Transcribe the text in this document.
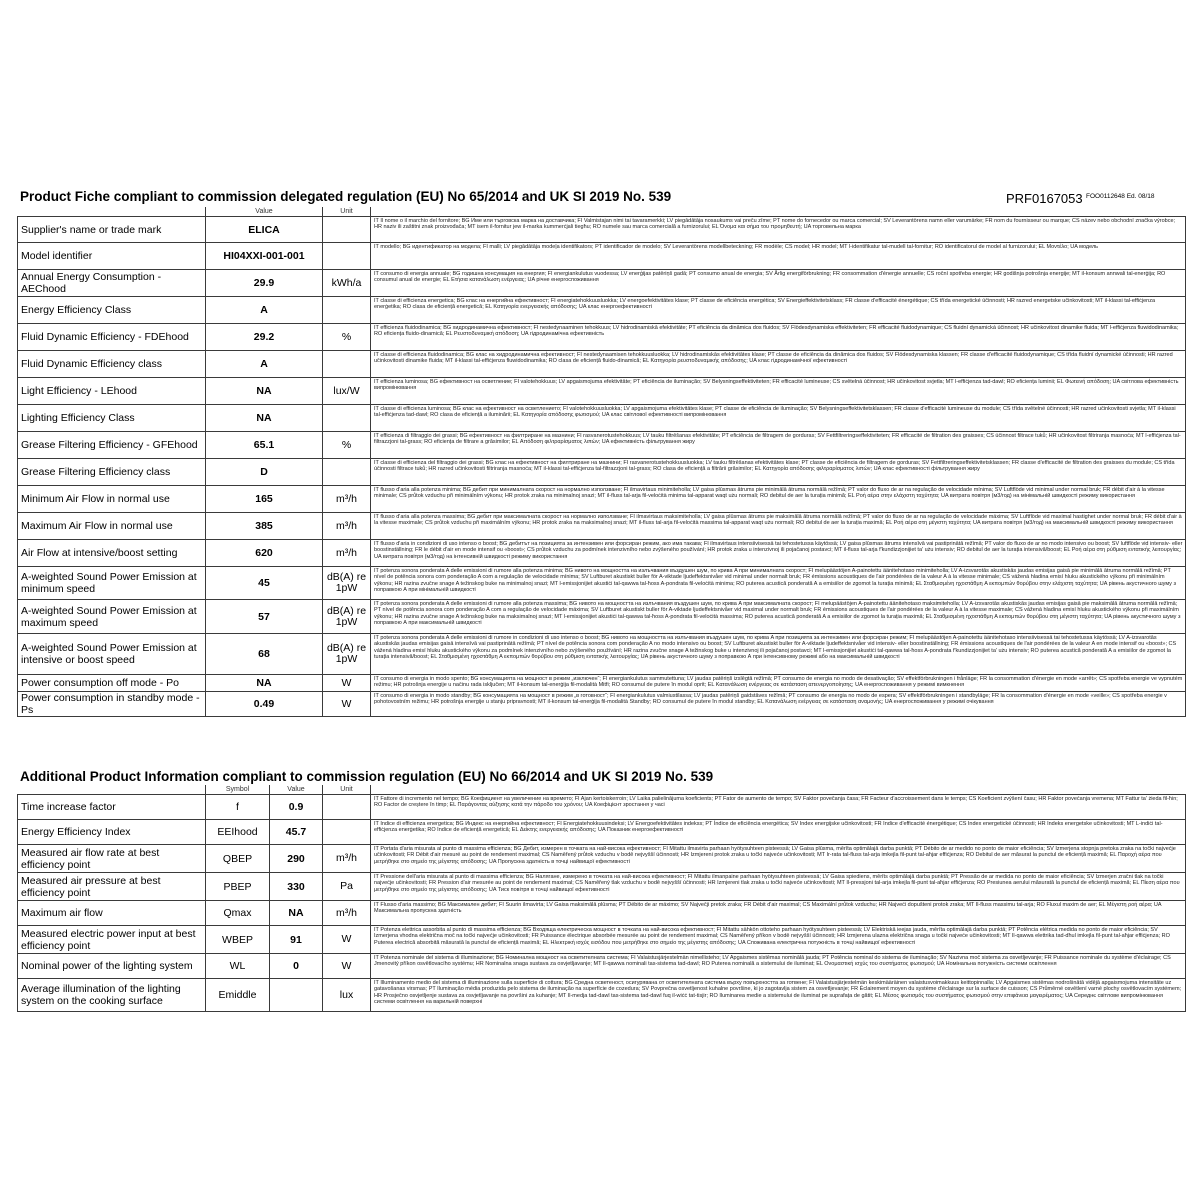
Product Fiche compliant to commission delegated regulation (EU) No 65/2014 and UK SI 2019 No. 539	PRF0167053 FOO0112648 Ed. 08/18
	Value	Unit	
Supplier's name or trade mark	ELICA		IT Il nome o il marchio del fornitore; BG Име или търговска марка на доставчика; FI Valmistajan nimi tai tavaramerkki; LV piegādātāja nosaukums vai preču zīme; PT nome do fornecedor ou marca comercial; SV Leverantörens namn eller varumärke; FR nom du fournisseur ou marque; CS název nebo obchodní značka výrobce; HR naziv ili zaštitni znak proizvođača; MT isem il-fornitur jew il-marka kummerċjali tiegħu; RO numele sau marca comercială a furnizorului; EL Όνομα και σήμα του προμηθευτή; UA торговельна марка
Model identifier	HI04XXI-001-001		IT modello; BG идентификатор на модела; FI malli; LV piegādātāja modeļa identifikators; PT identificador de modelo; SV Leverantörens modellbeteckning; FR modèle; CS model; HR model; MT l-identifikatur tal-mudell tal-fornitur; RO identificatorul de model al furnizorului; EL Μοντέλο; UA модель
Annual Energy Consumption - AEChood	29.9	kWh/a	IT consumo di energia annuale; BG годишна консумация на енергия; FI energiankulutus vuodessa; LV enerģijas patēriņš gadā; PT consumo anual de energia; SV Årlig energiförbrukning; FR consommation d'énergie annuelle; CS roční spotřeba energie; HR godišnja potrošnja energije; MT il-konsum annwali tal-enerġija; RO consumul anual de energie; EL Ετήσια κατανάλωση ενέργειας; UA річне енергоспоживання
Energy Efficiency Class	A		IT classe di efficienza energetica; BG клас на енергийна ефективност; FI energiatehokkuusluokka; LV energoefektivitātes klase; PT classe de eficiência energética; SV Energieffektivitetsklass; FR classe d'efficacité énergétique; CS třída energetické účinnosti; HR razred energetske učinkovitosti; MT il-klassi tal-effiċjenza enerġetika; RO clasa de eficiență energetică; EL Κατηγορία ενεργειακής απόδοσης; UA клас енергоефективності
Fluid Dynamic Efficiency - FDEhood	29.2	%	IT efficienza fluidodinamica; BG хидродинамична ефективност; FI nestedynaaminen tehokkuus; LV hidrodinamiskā efektivitāte; PT eficiência da dinâmica dos fluidos; SV Flödesdynamiska effektiviteten; FR efficacité fluidodynamique; CS fluidní dynamická účinnost; HR učinkovitost dinamike fluida; MT l-effiċjenza fluwidodinamika; RO eficiența fluido-dinamică; EL Ρευστοδυναμική απόδοση; UA гідродинамічна ефективність
Fluid Dynamic Efficiency class	A		IT classe di efficienza fluidodinamica; BG клас на хидродинамична ефективност; FI nestedynaamisen tehokkuusluokka; LV hidrodinamiskās efektivitātes klase; PT classe de eficiência da dinâmica dos fluidos; SV Flödesdynamiska klassen; FR classe d'efficacité fluidodynamique; CS třída fluidní dynamické účinnosti; HR razred učinkovitosti dinamike fluida; MT il-klassi tal-effiċjenza fluwidodinamika; RO clasa de eficiență fluido-dinamică; EL Κατηγορία ρευστοδυναμικής απόδοσης; UA клас гідродинамічної ефективності
Light Efficiency - LEhood	NA	lux/W	IT efficienza luminosa; BG ефективност на осветление; FI valotehokkuus; LV apgaismojuma efektivitāte; PT eficiência de iluminação; SV Belysningseffektiviteten; FR efficacité lumineuse; CS světelná účinnost; HR učinkovitost svjetla; MT l-effiċjenza tad-dawl; RO eficiența luminii; EL Φωτεινή απόδοση; UA світлова ефективність випромінювання
Lighting Efficiency Class	NA		IT classe di efficienza luminosa; BG клас на ефективност на осветлението; FI valotehokkuusluokka; LV apgaismojuma efektivitātes klase; PT classe de eficiência de iluminação; SV Belysningseffektivitetsklassen; FR classe d'efficacité lumineuse du module; CS třída světelné účinnosti; HR razred učinkovitosti svjetla; MT il-klassi tal-effiċjenza tad-dawl; RO clasa de eficiență a iluminării; EL Κατηγορία απόδοσης φωτισμού; UA клас світлової ефективності випромінювання
Grease Filtering Efficiency - GFEhood	65.1	%	IT efficienza di filtraggio dei grassi; BG ефективност на филтриране на мазнини; FI rasvanerotustehokkuus; LV tauku filtrēšanas efektivitāte; PT eficiência de filtragem de gorduras; SV Fettfiltreringseffektiviteten; FR efficacité de filtration des graisses; CS účinnost filtrace tuků; HR učinkovitost filtriranja masnoća; MT l-effiċjenza tal-filtrazzjoni tal-grass; RO eficiența de filtrare a grăsimilor; EL Απόδοση φιλτραρίσματος λιπών; UA ефективність фільтрування жиру
Grease Filtering Efficiency class	D		IT classe di efficienza del filtraggio dei grassi; BG клас на ефективност на филтриране на мазнини; FI rasvanerotustehokkuusluokka; LV tauku filtrēšanas efektivitātes klase; PT classe de eficiência de filtragem de gorduras; SV Fettfiltreringseffektivitetsklassen; FR classe d'efficacité de filtration des graisses du module; CS třída účinnosti filtrace tuků; HR razred učinkovitosti filtriranja masnoća; MT il-klassi tal-effiċjenza tal-filtrazzjoni tal-grass; RO clasa de eficiență a filtrării grăsimilor; EL Κατηγορία απόδοσης φιλτραρίσματος λιπών; UA клас ефективності фільтрування жиру
Minimum Air Flow in normal use	165	m³/h	IT flusso d'aria alla potenza minima; BG дебит при минималната скорост на нормално използване; FI ilmavirtaus minimiteholla; LV gaisa plūsmas ātrums pie minimālā ātruma normālā režīmā; PT valor do fluxo de ar na regulação de velocidade mínima; SV Luftflöde vid minimal under normal bruk; FR débit d'air à la vitesse minimale; CS průtok vzduchu při minimálním výkonu; HR protok zraka na minimalnoj snazi; MT il-fluss tal-arja fil-veloċità minima tal-apparat waqt użu normali; RO debitul de aer la turația minimă; EL Ροή αέρα στην ελάχιστη ταχύτητα; UA витрата повітря (м3/год) на мінімальній швидкості режиму використання
Maximum Air Flow in normal use	385	m³/h	IT flusso d'aria alla potenza massima; BG дебит при максималната скорост на нормално използване; FI ilmavirtaus maksimiteholla; LV gaisa plūsmas ātrums pie maksimālā ātruma normālā režīmā; PT valor do fluxo de ar na regulação de velocidade máxima; SV Luftflöde vid maximal hastighet under normal bruk; FR débit d'air à la vitesse maximale; CS průtok vzduchu při maximálním výkonu; HR protok zraka na maksimalnoj snazi; MT il-fluss tal-arja fil-veloċità massima tal-apparat waqt użu normali; RO debitul de aer la turația maximă; EL Ροή αέρα στη μέγιστη ταχύτητα; UA витрата повітря (м3/год) на максимальній швидкості режиму використання
Air Flow at intensive/boost setting	620	m³/h	IT flusso d'aria in condizioni di uso intenso o boost; BG дебитът на позицията за интензивен или форсиран режим, ако има такава; FI ilmavirtaus intensiivisessä tai tehostetussa käytössä; LV gaisa plūsmas ātrums intensīvā vai pastiprinātā režīmā; PT valor do fluxo de ar no modo intensivo ou boost; SV luftflöde vid intensiv- eller boostinställning; FR le débit d'air en mode intensif ou «boost»; CS průtok vzduchu za podmínek intenzivního nebo zvýšeného používání; HR protok zraka u intenzivnoj ili pojačanoj postavci; MT il-fluss tal-arja f'kundizzjonijiet ta' użu intensiv; RO debitul de aer la turația intensivă/boost; EL Ροή αέρα στη ρύθμιση εντατικής λειτουργίας; UA витрата повітря (м3/год) на інтенсивній швидкості режиму використання
A-weighted Sound Power Emission at minimum speed	45	dB(A) re 1pW	IT potenza sonora ponderata A delle emissioni di rumore alla potenza minima; BG нивото на мощността на излъчвания въздушен шум, по крива A при минималната скорост; FI melupäästöjen A-painotettu äänitehotaso minimiteholla; LV A-izsvarotās akustiskās jaudas emisijas gaisā pie minimālā ātruma normālā režīmā; PT nível de potência sonora com ponderação A com a regulação de velocidade mínima; SV Luftburet akustiskt buller för A-viktade ljudeffektsnivåer vid minimal under normalt bruk; FR émissions acoustiques de l'air pondérées de la valeur A à la vitesse minimale; CS vážená hladina emisí hluku akustického výkonu při minimálním výkonu; HR razina zvučne snage A težinskog buke na minimalnoj snazi; MT l-emissjonijiet akustiċi tal-qawwa tal-ħoss A-pondrata fil-veloċità minima; RO puterea acustică ponderată A a emisiilor de zgomot la turația minimă; EL Σταθμισμένη ηχοστάθμη A εκπομπών θορύβου στην ελάχιστη ταχύτητα; UA рівень акустичного шуму з поправкою А при мінімальній швидкості
A-weighted Sound Power Emission at maximum speed	57	dB(A) re 1pW	IT potenza sonora ponderata A delle emissioni di rumore alla potenza massima; BG нивото на мощността на излъчвания въздушен шум, по крива A при максималната скорост; FI melupäästöjen A-painotettu äänitehotaso maksimiteholla; LV A-izsvarotās akustiskās jaudas emisijas gaisā pie maksimālā ātruma normālā režīmā; PT nível de potência sonora com ponderação A com a regulação de velocidade máxima; SV Luftburet akustiskt buller för A-viktade ljudeffektsnivåer vid maximal under normalt bruk; FR émissions acoustiques de l'air pondérées de la valeur A à la vitesse maximale; CS vážená hladina emisí hluku akustického výkonu při maximálním výkonu; HR razina zvučne snage A težinskog buke na maksimalnoj snazi; MT l-emissjonijiet akustiċi tal-qawwa tal-ħoss A-pondrata fil-veloċità massima; RO puterea acustică ponderată A a emisiilor de zgomot la turația maximă; EL Σταθμισμένη ηχοστάθμη A εκπομπών θορύβου στη μέγιστη ταχύτητα; UA рівень акустичного шуму з поправкою А при максимальній швидкості
A-weighted Sound Power Emission at intensive or boost speed	68	dB(A) re 1pW	IT potenza sonora ponderata A delle emissioni di rumore in condizioni di uso intenso o boost; BG нивото на мощността на излъчвания въздушен шум, по крива A при позицията за интензивен или форсиран режим; FI melupäästöjen A-painotettu äänitehotaso intensiivisessä tai tehostetussa käytössä; LV A-izsvarotās akustiskās jaudas emisijas gaisā intensīvā vai pastiprinātā režīmā; PT nível de potência sonora com ponderação A no modo intensivo ou boost; SV Luftburet akustiskt buller för A-viktade ljudeffektsnivåer vid intensiv- eller boostinställning; FR émissions acoustiques de l'air pondérées de la valeur A en mode intensif ou «boost»; CS vážená hladina emisí hluku akustického výkonu za podmínek intenzivního nebo zvýšeného používání; HR razina zvučne snage A težinskog buke u intenzivnoj ili pojačanoj postavci; MT l-emissjonijiet akustiċi tal-qawwa tal-ħoss A-pondrata f'kundizzjonijiet ta' użu intensiv; RO puterea acustică ponderată A a emisiilor de zgomot la turația intensivă/boost; EL Σταθμισμένη ηχοστάθμη A εκπομπών θορύβου στη ρύθμιση εντατικής λειτουργίας; UA рівень акустичного шуму з поправкою А при інтенсивному режимі або на максимальній швидкості
Power consumption off mode - Po	NA	W	IT consumo di energia in modo spento; BG консумацията на мощност в режим „изключен“; FI energiankulutus sammutettuna; LV jaudas patēriņš izslēgtā režīmā; PT consumo de energia no modo de desativação; SV effektförbrukningen i frånläge; FR la consommation d'énergie en mode «arrêt»; CS spotřeba energie ve vypnutém režimu; HR potrošnja energije u načinu rada isključen; MT il-konsum tal-enerġija fil-modalità Mitfi; RO consumul de putere în modul oprit; EL Κατανάλωση ενέργειας σε κατάσταση απενεργοποίησης; UA енергоспоживання у режимі вимкнення
Power consumption in standby mode - Ps	0.49	W	IT consumo di energia in modo standby; BG консумацията на мощност в режим „в готовност“; FI energiankulutus valmiustilassa; LV jaudas patēriņš gaidstāves režīmā; PT consumo de energia no modo de espera; SV effektförbrukningen i standbyläge; FR la consommation d'énergie en mode «veille»; CS spotřeba energie v pohotovostním režimu; HR potrošnja energije u stanju pripravnosti; MT il-konsum tal-enerġija fil-modalità Standby; RO consumul de putere în modul standby; EL Κατανάλωση ενέργειας σε κατάσταση αναμονής; UA енергоспоживання у режимі очікування
Additional Product Information compliant to commission regulation (EU) No 66/2014 and UK SI 2019 No. 539
	Symbol	Value	Unit	
Time increase factor	f	0.9		IT Fattore di incremento nel tempo; BG Коефициент на увеличение на времето; FI Ajan kertoiskerroin; LV Laika palielinājuma koeficients; PT Fator de aumento de tempo; SV Faktor povečanja časa; FR Facteur d'accroissement dans le temps; CS Koeficient zvýšení času; HR Faktor povećanja vremena; MT Fattur ta' żieda fil-ħin; RO Factor de creștere în timp; EL Παράγοντας αύξησης κατά την πάροδο του χρόνου; UA Коефіцієнт зростання у часі
Energy Efficiency Index	EEIhood	45.7		IT Indice di efficienza energetica; BG Индекс на енергийна ефективност; FI Energiatehokkuusindeksi; LV Energoefektivitātes indekss; PT Índice de eficiência energética; SV Index energijske učinkovitosti; FR Indice d'efficacité énergétique; CS Index energetické účinnosti; HR Indeks energetske učinkovitosti; MT L-indiċi tal-effiċjenza enerġetika; RO Indice de eficiență energetică; EL Δείκτης ενεργειακής απόδοσης; UA Показник енергоефективності
Measured air flow rate at best efficiency point	QBEP	290	m³/h	IT Portata d'aria misurata al punto di massima efficienza; BG Дебит, измерен в точката на най-висока ефективност; FI Mitattu ilmavirta parhaan hyötysuhteen pisteessä; LV Gaisa plūsma, mērīta optimālajā darba punktā; PT Débito de ar medido no ponto de maior eficiência; SV Izmerjena stopnja pretoka zraka na točki najvećje učinkovitosti; FR Débit d'air mesuré au point de rendement maximal; CS Naměřený průtok vzduchu v bodě nejvyšší účinnosti; HR Izmjereni protok zraka u točki najveće učinkovitosti; MT Ir-rata tal-fluss tal-arja imkejla fil-punt tal-aħjar effiċjenza; RO Debitul de aer măsurat la punctul de eficiență maximă; EL Παροχή αέρα που μετρήθηκε στο σημείο της μέγιστης απόδοσης; UA Пропускна здатність в точці найвищої ефективності
Measured air pressure at best efficiency point	PBEP	330	Pa	IT Pressione dell'aria misurata al punto di massima efficienza; BG Налягане, измерено в точката на най-висока ефективност; FI Mitattu ilmanpaine parhaan hyötysuhteen pisteessä; LV Gaisa spiediens, mērīts optimālajā darba punktā; PT Pressão de ar medida no ponto de maior eficiência; SV Izmerjen zračni tlak na točki najvećje učinkovitosti; FR Pression d'air mesurée au point de rendement maximal; CS Naměřený tlak vzduchu v bodě nejvyšší účinnosti; HR Izmjereni tlak zraka u točki najveće učinkovitosti; MT Il-pressjoni tal-arja imkejla fil-punt tal-aħjar effiċjenza; RO Presiunea aerului măsurată la punctul de eficiență maximă; EL Πίεση αέρα που μετρήθηκε στο σημείο της μέγιστης απόδοσης; UA Тиск повітря в точці найвищої ефективності
Maximum air flow	Qmax	NA	m³/h	IT Flusso d'aria massimo; BG Максимален дебит; FI Suurin ilmavirta; LV Gaisa maksimālā plūsma; PT Débito de ar máximo; SV Največji pretok zraka; FR Débit d'air maximal; CS Maximální průtok vzduchu; HR Najveći dopušteni protok zraka; MT Il-fluss massimu tal-arja; RO Fluxul maxim de aer; EL Μέγιστη ροή αέρα; UA Максимальна пропускна здатність
Measured electric power input at best efficiency point	WBEP	91	W	IT Potenza elettrica assorbita al punto di massima efficienza; BG Входяща електрическа мощност в точката на най-висока ефективност; FI Mitattu sähkön ottoteho parhaan hyötysuhteen pisteessä; LV Elektriskā ieejas jauda, mērīta optimālajā darba punktā; PT Potência elétrica medida no ponto de maior eficiência; SV Izmerjena vhodna električna moč na točki najvećje učinkovitosti; FR Puissance électrique absorbée mesurée au point de rendement maximal; CS Naměřený příkon v bodě nejvyšší účinnosti; HR Izmjerena ulazna električna snaga u točki najveće učinkovitosti; MT Il-qawwa elettrika tad-dħul imkejla fil-punt tal-aħjar effiċjenza; RO Puterea electrică absorbită măsurată la punctul de eficiență maximă; EL Ηλεκτρική ισχύς εισόδου που μετρήθηκε στο σημείο της μέγιστης απόδοσης; UA Споживана електрична потужність в точці найвищої ефективності
Nominal power of the lighting system	WL	0	W	IT Potenza nominale del sistema di illuminazione; BG Номинална мощност на осветителната система; FI Valaistusjärjestelmän nimellisteho; LV Apgaismes sistēmas nominālā jauda; PT Potência nominal do sistema de iluminação; SV Nazivna moč sistema za osvetljevanje; FR Puissance nominale du système d'éclairage; CS Jmenovitý příkon osvětlovacího systému; HR Nominalna snaga sustava za osvjetljavanje; MT Il-qawwa nominali tas-sistema tad-dawl; RO Puterea nominală a sistemului de iluminat; EL Ονομαστική ισχύς του συστήματος φωτισμού; UA Номінальна потужність системи освітлення
Average illumination of the lighting system on the cooking surface	Emiddle		lux	IT Illuminamento medio del sistema di illuminazione sulla superficie di cottura; BG Средна осветеност, осигурявана от осветителната система върху повърхността за готвене; FI Valaistusjärjestelmän keskimääräinen valaistusvoimakkuus keittopinnalla; LV Apgaismes sistēmas nodrošinātā vidējā apgaismojuma intensitāte uz gatavošanas virsmas; PT Iluminação média produzida pelo sistema de iluminação na superfície de cozedura; SV Povprečna osvetljenost kuhalne površine, ki jo zagotavlja sistem za osvetljevanje; FR Éclairement moyen du système d'éclairage sur la surface de cuisson; CS Průměrné osvětlení varné plochy osvětlovacím systémem; HR Prosječno osvjetljenje sustava za osvjetljavanje na površini za kuhanje; MT Il-medja tad-dawl tas-sistema tad-dawl fuq il-wiċċ tat-tisjir; RO Iluminarea medie a sistemului de iluminat pe suprafața de gătit; EL Μέσος φωτισμός του συστήματος φωτισμού στην επιφάνεια μαγειρέματος; UA Середнє світлове випромінювання системи освітлення на варильній поверхні
